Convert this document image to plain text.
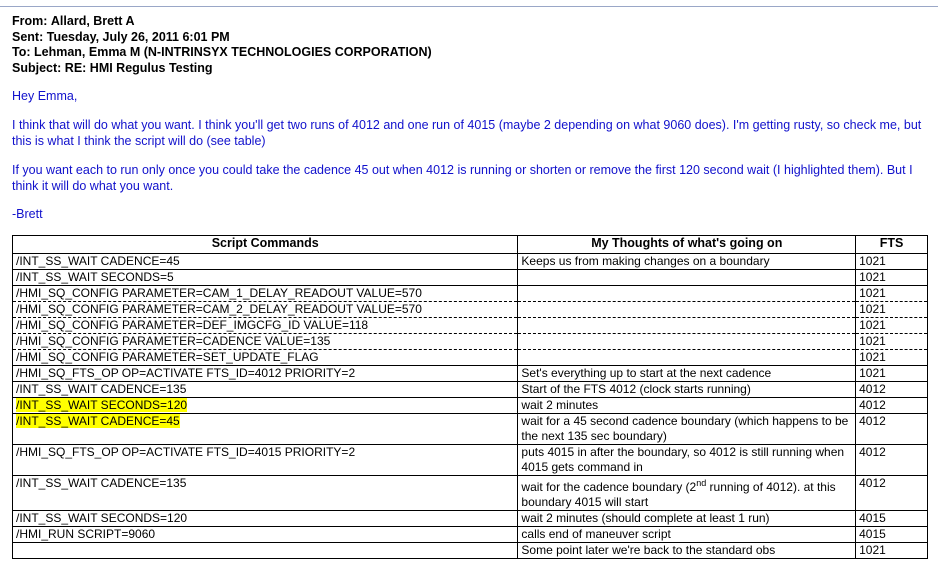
From: Allard, Brett A
Sent: Tuesday, July 26, 2011 6:01 PM
To: Lehman, Emma M (N-INTRINSYX TECHNOLOGIES CORPORATION)
Subject: RE: HMI Regulus Testing

Hey Emma,

I think that will do what you want. I think you'll get two runs of 4012 and one run of 4015 (maybe 2 depending on what 9060 does). I'm getting rusty, so check me, but this is what I think the script will do (see table)

If you want each to run only once you could take the cadence 45 out when 4012 is running or shorten or remove the first 120 second wait (I highlighted them). But I think it will do what you want.

-Brett

Script Commands	My Thoughts of what's going on	FTS
/INT_SS_WAIT CADENCE=45	Keeps us from making changes on a boundary	1021
/INT_SS_WAIT SECONDS=5		1021
/HMI_SQ_CONFIG PARAMETER=CAM_1_DELAY_READOUT VALUE=570		1021
/HMI_SQ_CONFIG PARAMETER=CAM_2_DELAY_READOUT VALUE=570		1021
/HMI_SQ_CONFIG PARAMETER=DEF_IMGCFG_ID VALUE=118		1021
/HMI_SQ_CONFIG PARAMETER=CADENCE VALUE=135		1021
/HMI_SQ_CONFIG PARAMETER=SET_UPDATE_FLAG		1021
/HMI_SQ_FTS_OP OP=ACTIVATE FTS_ID=4012 PRIORITY=2	Set's everything up to start at the next cadence	1021
/INT_SS_WAIT CADENCE=135	Start of the FTS 4012 (clock starts running)	4012
/INT_SS_WAIT SECONDS=120	wait 2 minutes	4012
/INT_SS_WAIT CADENCE=45	wait for a 45 second cadence boundary (which happens to be the next 135 sec boundary)	4012
/HMI_SQ_FTS_OP OP=ACTIVATE FTS_ID=4015 PRIORITY=2	puts 4015 in after the boundary, so 4012 is still running when 4015 gets command in	4012
/INT_SS_WAIT CADENCE=135	wait for the cadence boundary (2nd running of 4012). at this boundary 4015 will start	4012
/INT_SS_WAIT SECONDS=120	wait 2 minutes (should complete at least 1 run)	4015
/HMI_RUN SCRIPT=9060	calls end of maneuver script	4015
	Some point later we're back to the standard obs	1021
